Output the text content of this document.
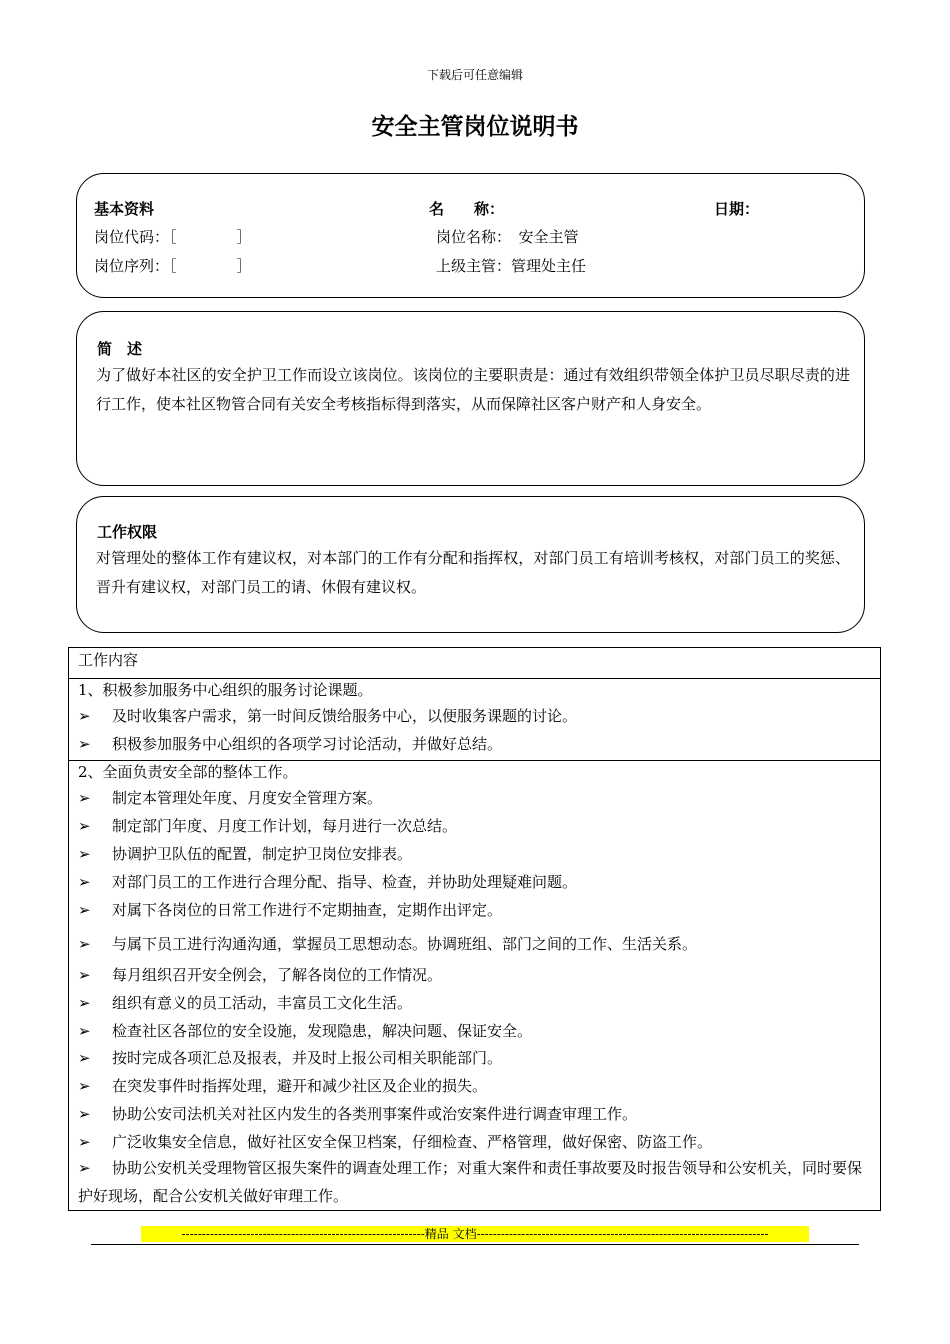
下载后可任意编辑
安全主管岗位说明书
基本资料	名　　称：	日期：
岗位代码：［　　　　］	岗位名称：　安全主管
岗位序列：［　　　　］	上级主管：管理处主任
简　述
为了做好本社区的安全护卫工作而设立该岗位。该岗位的主要职责是：通过有效组织带领全体护卫员尽职尽责的进行工作，使本社区物管合同有关安全考核指标得到落实，从而保障社区客户财产和人身安全。
工作权限
对管理处的整体工作有建议权，对本部门的工作有分配和指挥权，对部门员工有培训考核权，对部门员工的奖惩、晋升有建议权，对部门员工的请、休假有建议权。
工作内容
1、积极参加服务中心组织的服务讨论课题。
➢ 及时收集客户需求，第一时间反馈给服务中心，以便服务课题的讨论。
➢ 积极参加服务中心组织的各项学习讨论活动，并做好总结。
2、全面负责安全部的整体工作。
➢ 制定本管理处年度、月度安全管理方案。
➢ 制定部门年度、月度工作计划，每月进行一次总结。
➢ 协调护卫队伍的配置，制定护卫岗位安排表。
➢ 对部门员工的工作进行合理分配、指导、检查，并协助处理疑难问题。
➢ 对属下各岗位的日常工作进行不定期抽查，定期作出评定。
➢ 与属下员工进行沟通沟通，掌握员工思想动态。协调班组、部门之间的工作、生活关系。
➢ 每月组织召开安全例会，了解各岗位的工作情况。
➢ 组织有意义的员工活动，丰富员工文化生活。
➢ 检查社区各部位的安全设施，发现隐患，解决问题、保证安全。
➢ 按时完成各项汇总及报表，并及时上报公司相关职能部门。
➢ 在突发事件时指挥处理，避开和减少社区及企业的损失。
➢ 协助公安司法机关对社区内发生的各类刑事案件或治安案件进行调查审理工作。
➢ 广泛收集安全信息，做好社区安全保卫档案，仔细检查、严格管理，做好保密、防盗工作。
➢ 协助公安机关受理物管区报失案件的调查处理工作；对重大案件和责任事故要及时报告领导和公安机关，同时要保护好现场，配合公安机关做好审理工作。
------------------------------------------------------------精品 文档------------------------------------------------------------------------
